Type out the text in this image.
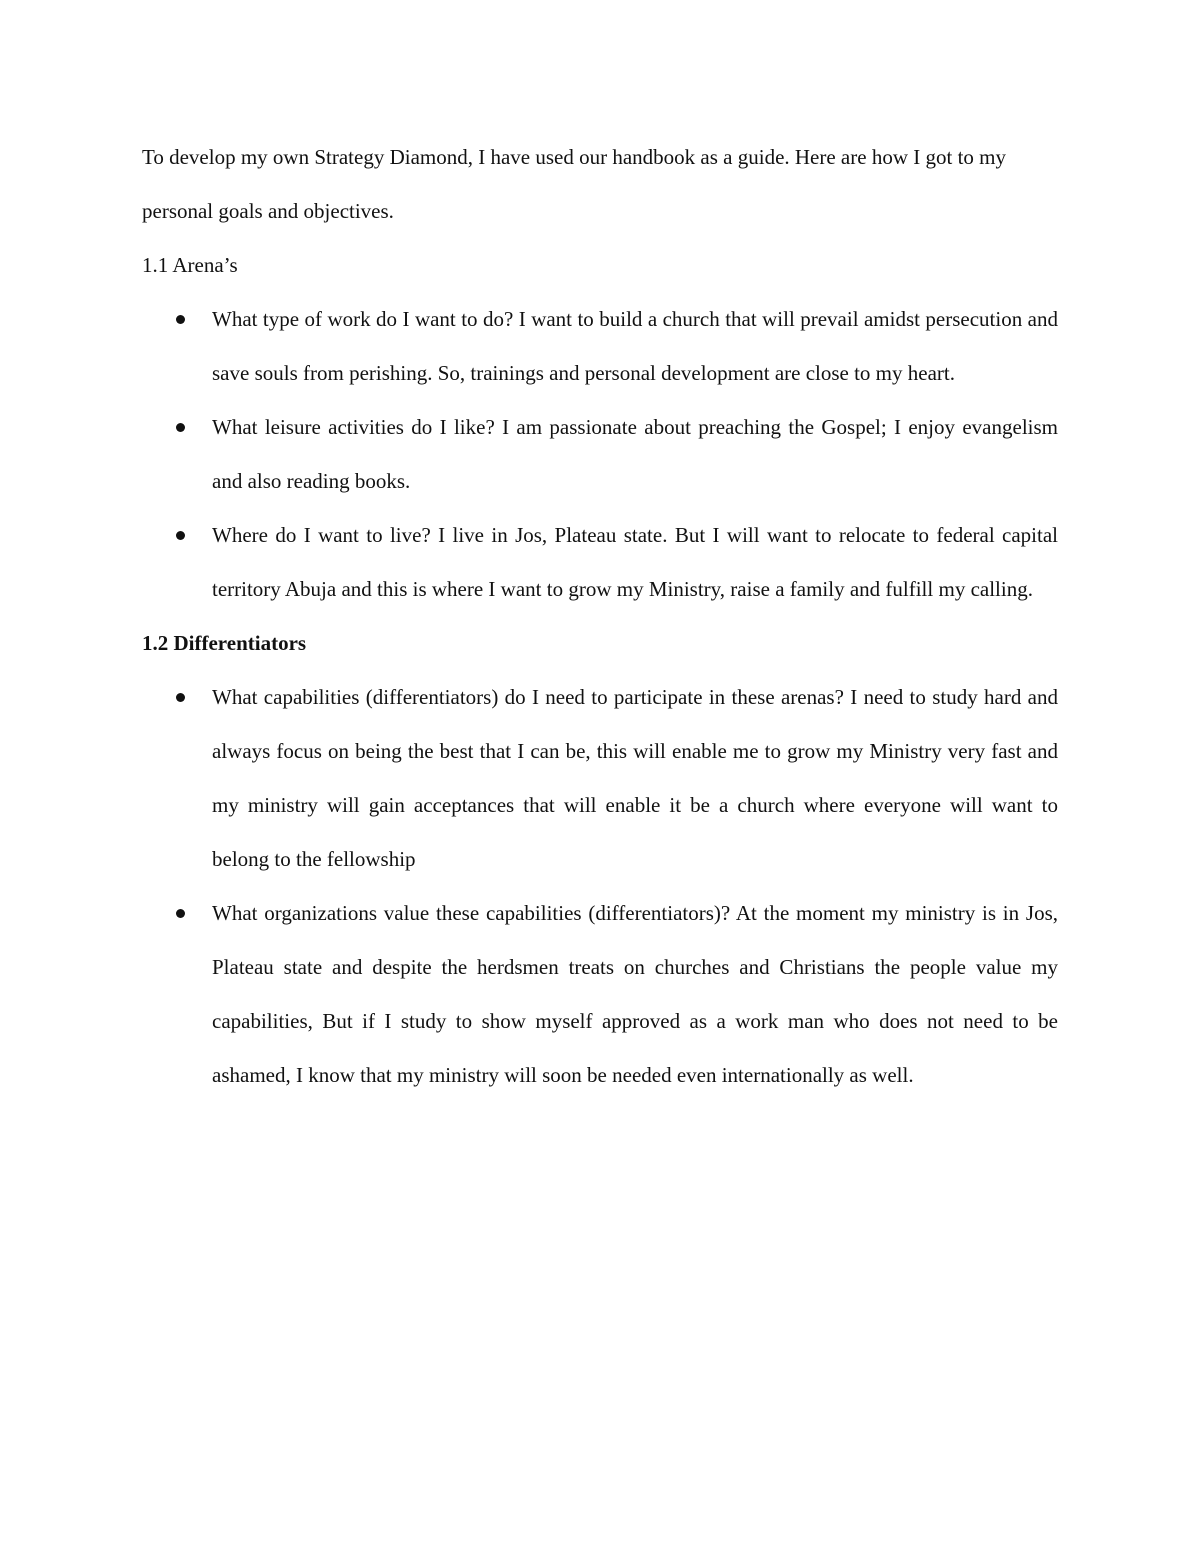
To develop my own Strategy Diamond, I have used our handbook as a guide. Here are how I got to my personal goals and objectives.

1.1 Arena’s

What type of work do I want to do? I want to build a church that will prevail amidst persecution and save souls from perishing. So, trainings and personal development are close to my heart.
What leisure activities do I like? I am passionate about preaching the Gospel; I enjoy evangelism and also reading books.
Where do I want to live? I live in Jos, Plateau state. But I will want to relocate to federal capital territory Abuja and this is where I want to grow my Ministry, raise a family and fulfill my calling.

1.2 Differentiators

What capabilities (differentiators) do I need to participate in these arenas? I need to study hard and always focus on being the best that I can be, this will enable me to grow my Ministry very fast and my ministry will gain acceptances that will enable it be a church where everyone will want to belong to the fellowship
What organizations value these capabilities (differentiators)? At the moment my ministry is in Jos, Plateau state and despite the herdsmen treats on churches and Christians the people value my capabilities, But if I study to show myself approved as a work man who does not need to be ashamed, I know that my ministry will soon be needed even internationally as well.
